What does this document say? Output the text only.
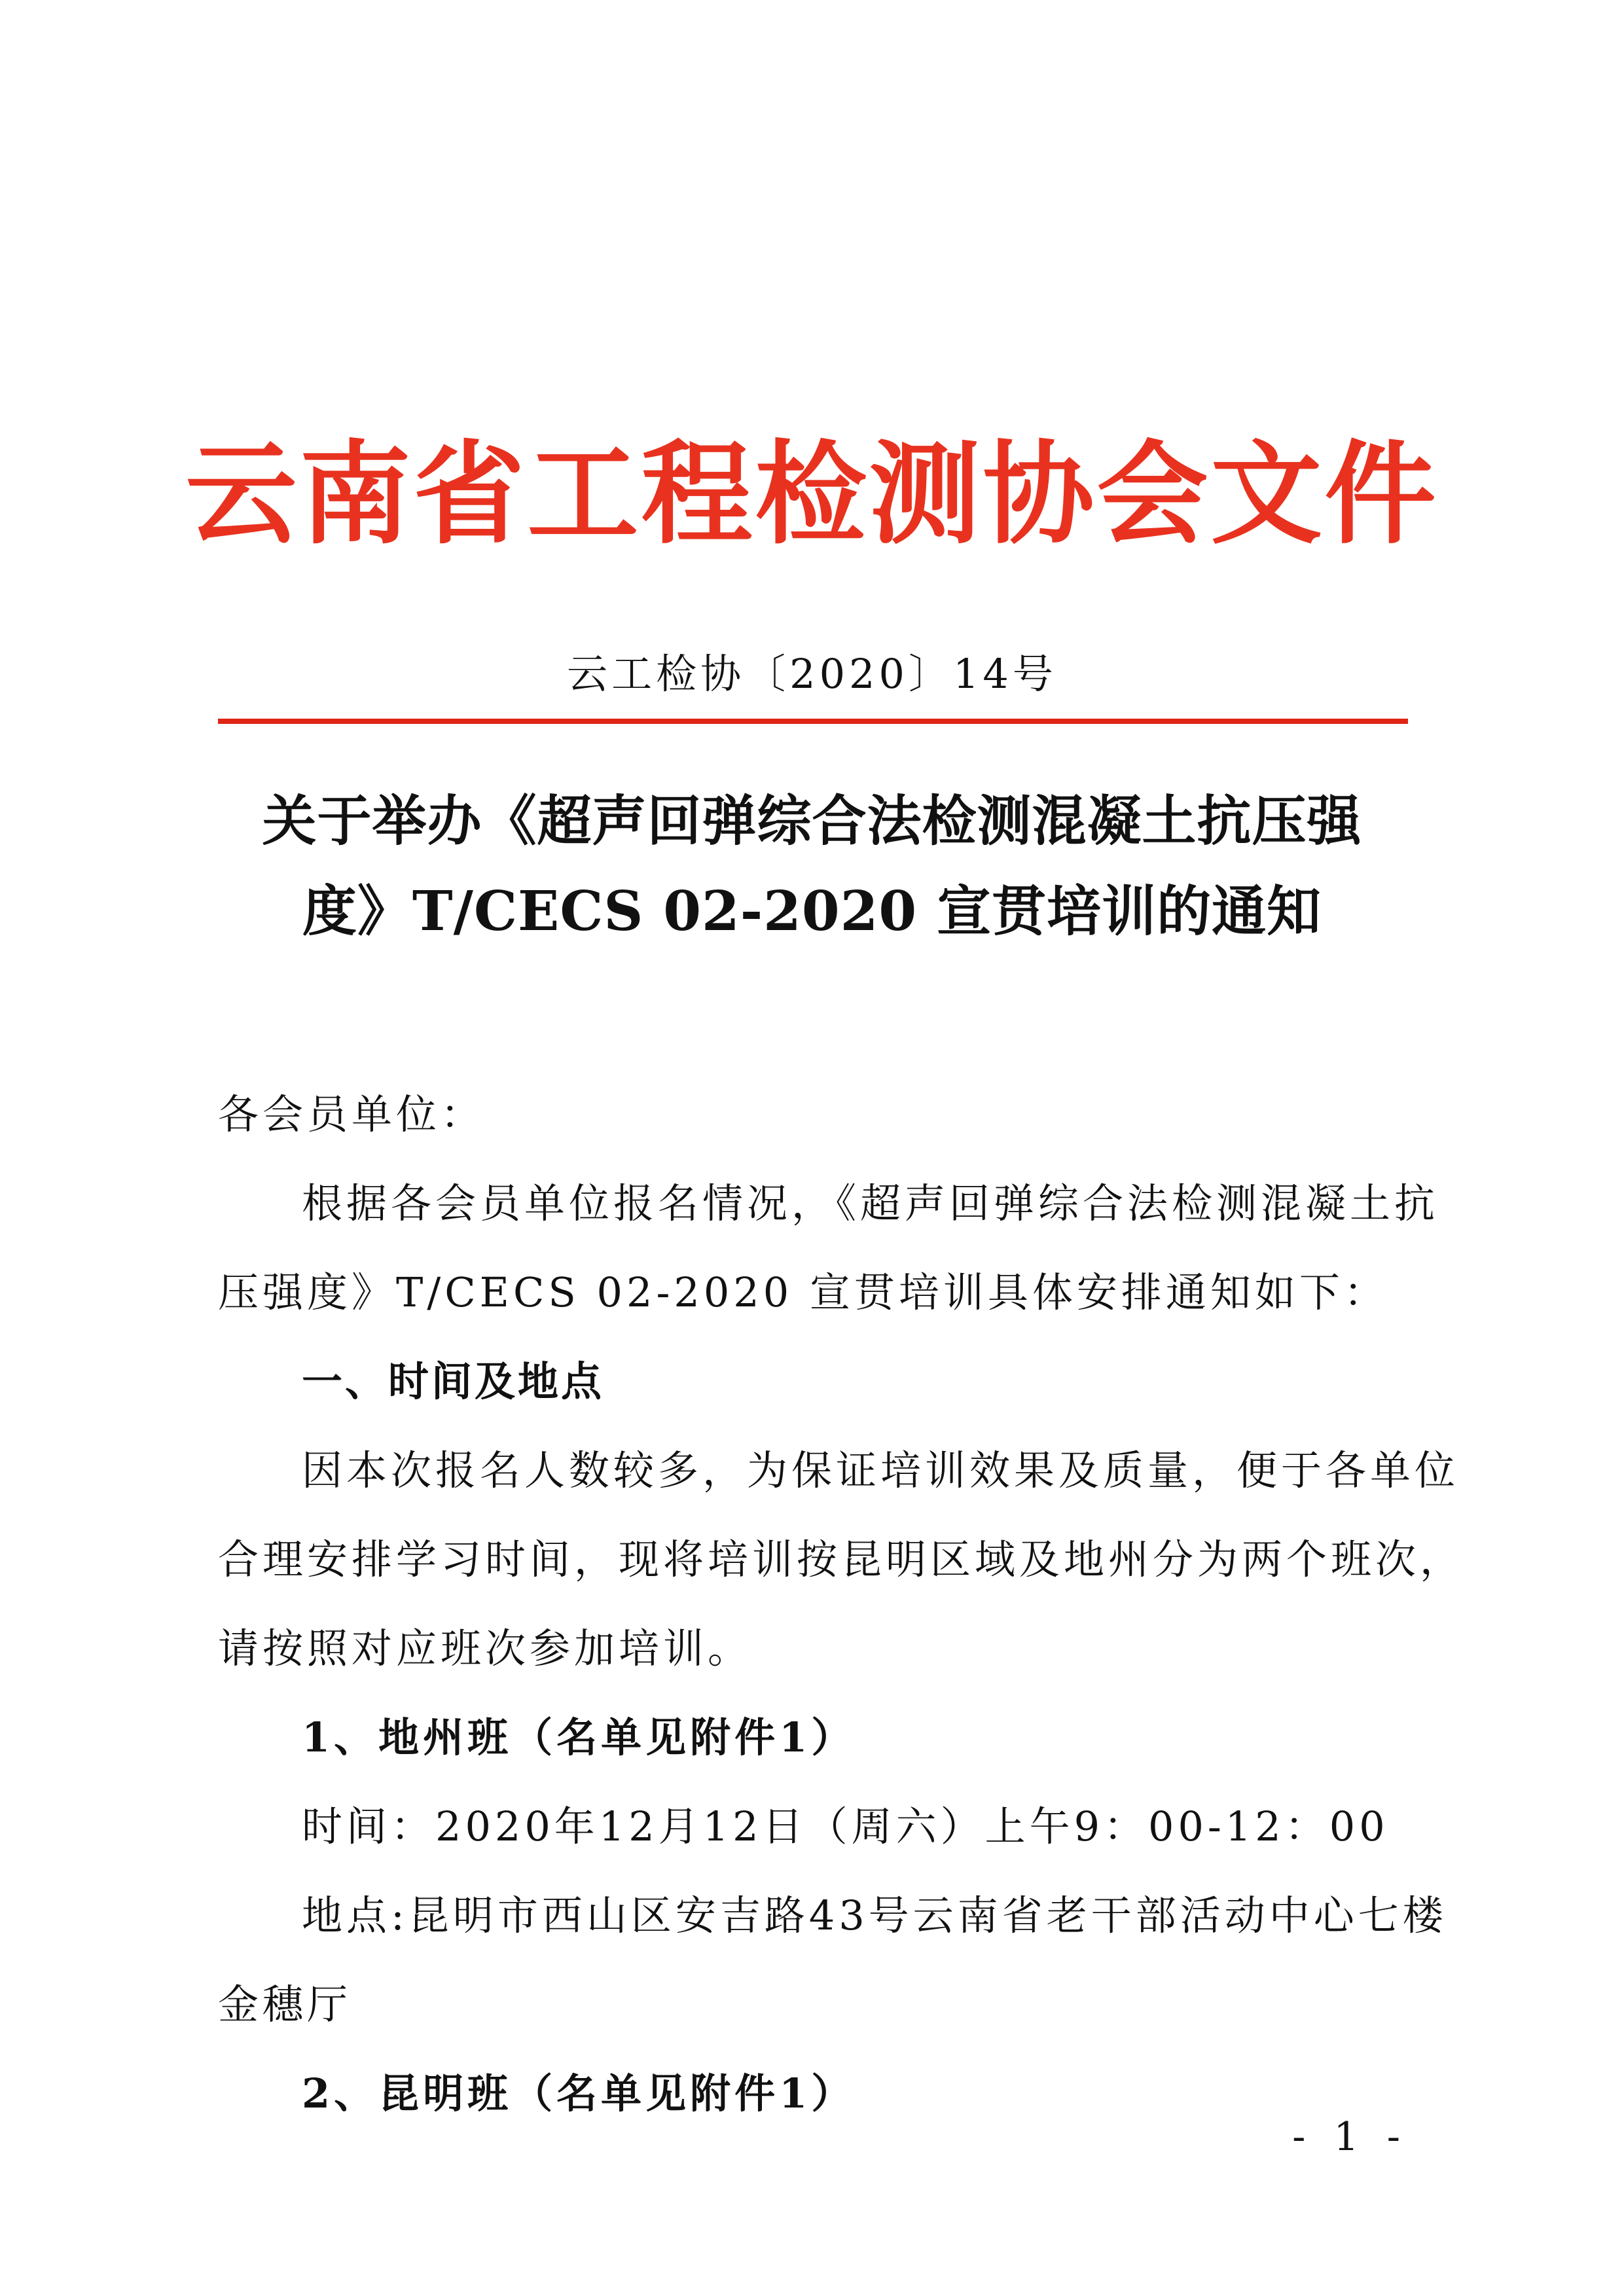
云南省工程检测协会文件
云工检协〔2020〕14号
关于举办《超声回弹综合法检测混凝土抗压强
度》T/CECS 02-2020 宣贯培训的通知
各会员单位：
根据各会员单位报名情况，《超声回弹综合法检测混凝土抗
压强度》T/CECS 02-2020 宣贯培训具体安排通知如下：
一、时间及地点
因本次报名人数较多，为保证培训效果及质量，便于各单位
合理安排学习时间，现将培训按昆明区域及地州分为两个班次，
请按照对应班次参加培训。
1、地州班（名单见附件1）
时间：2020年12月12日（周六）上午9：00-12：00
地点:昆明市西山区安吉路43号云南省老干部活动中心七楼
金穗厅
2、昆明班（名单见附件1）
- 1 -
